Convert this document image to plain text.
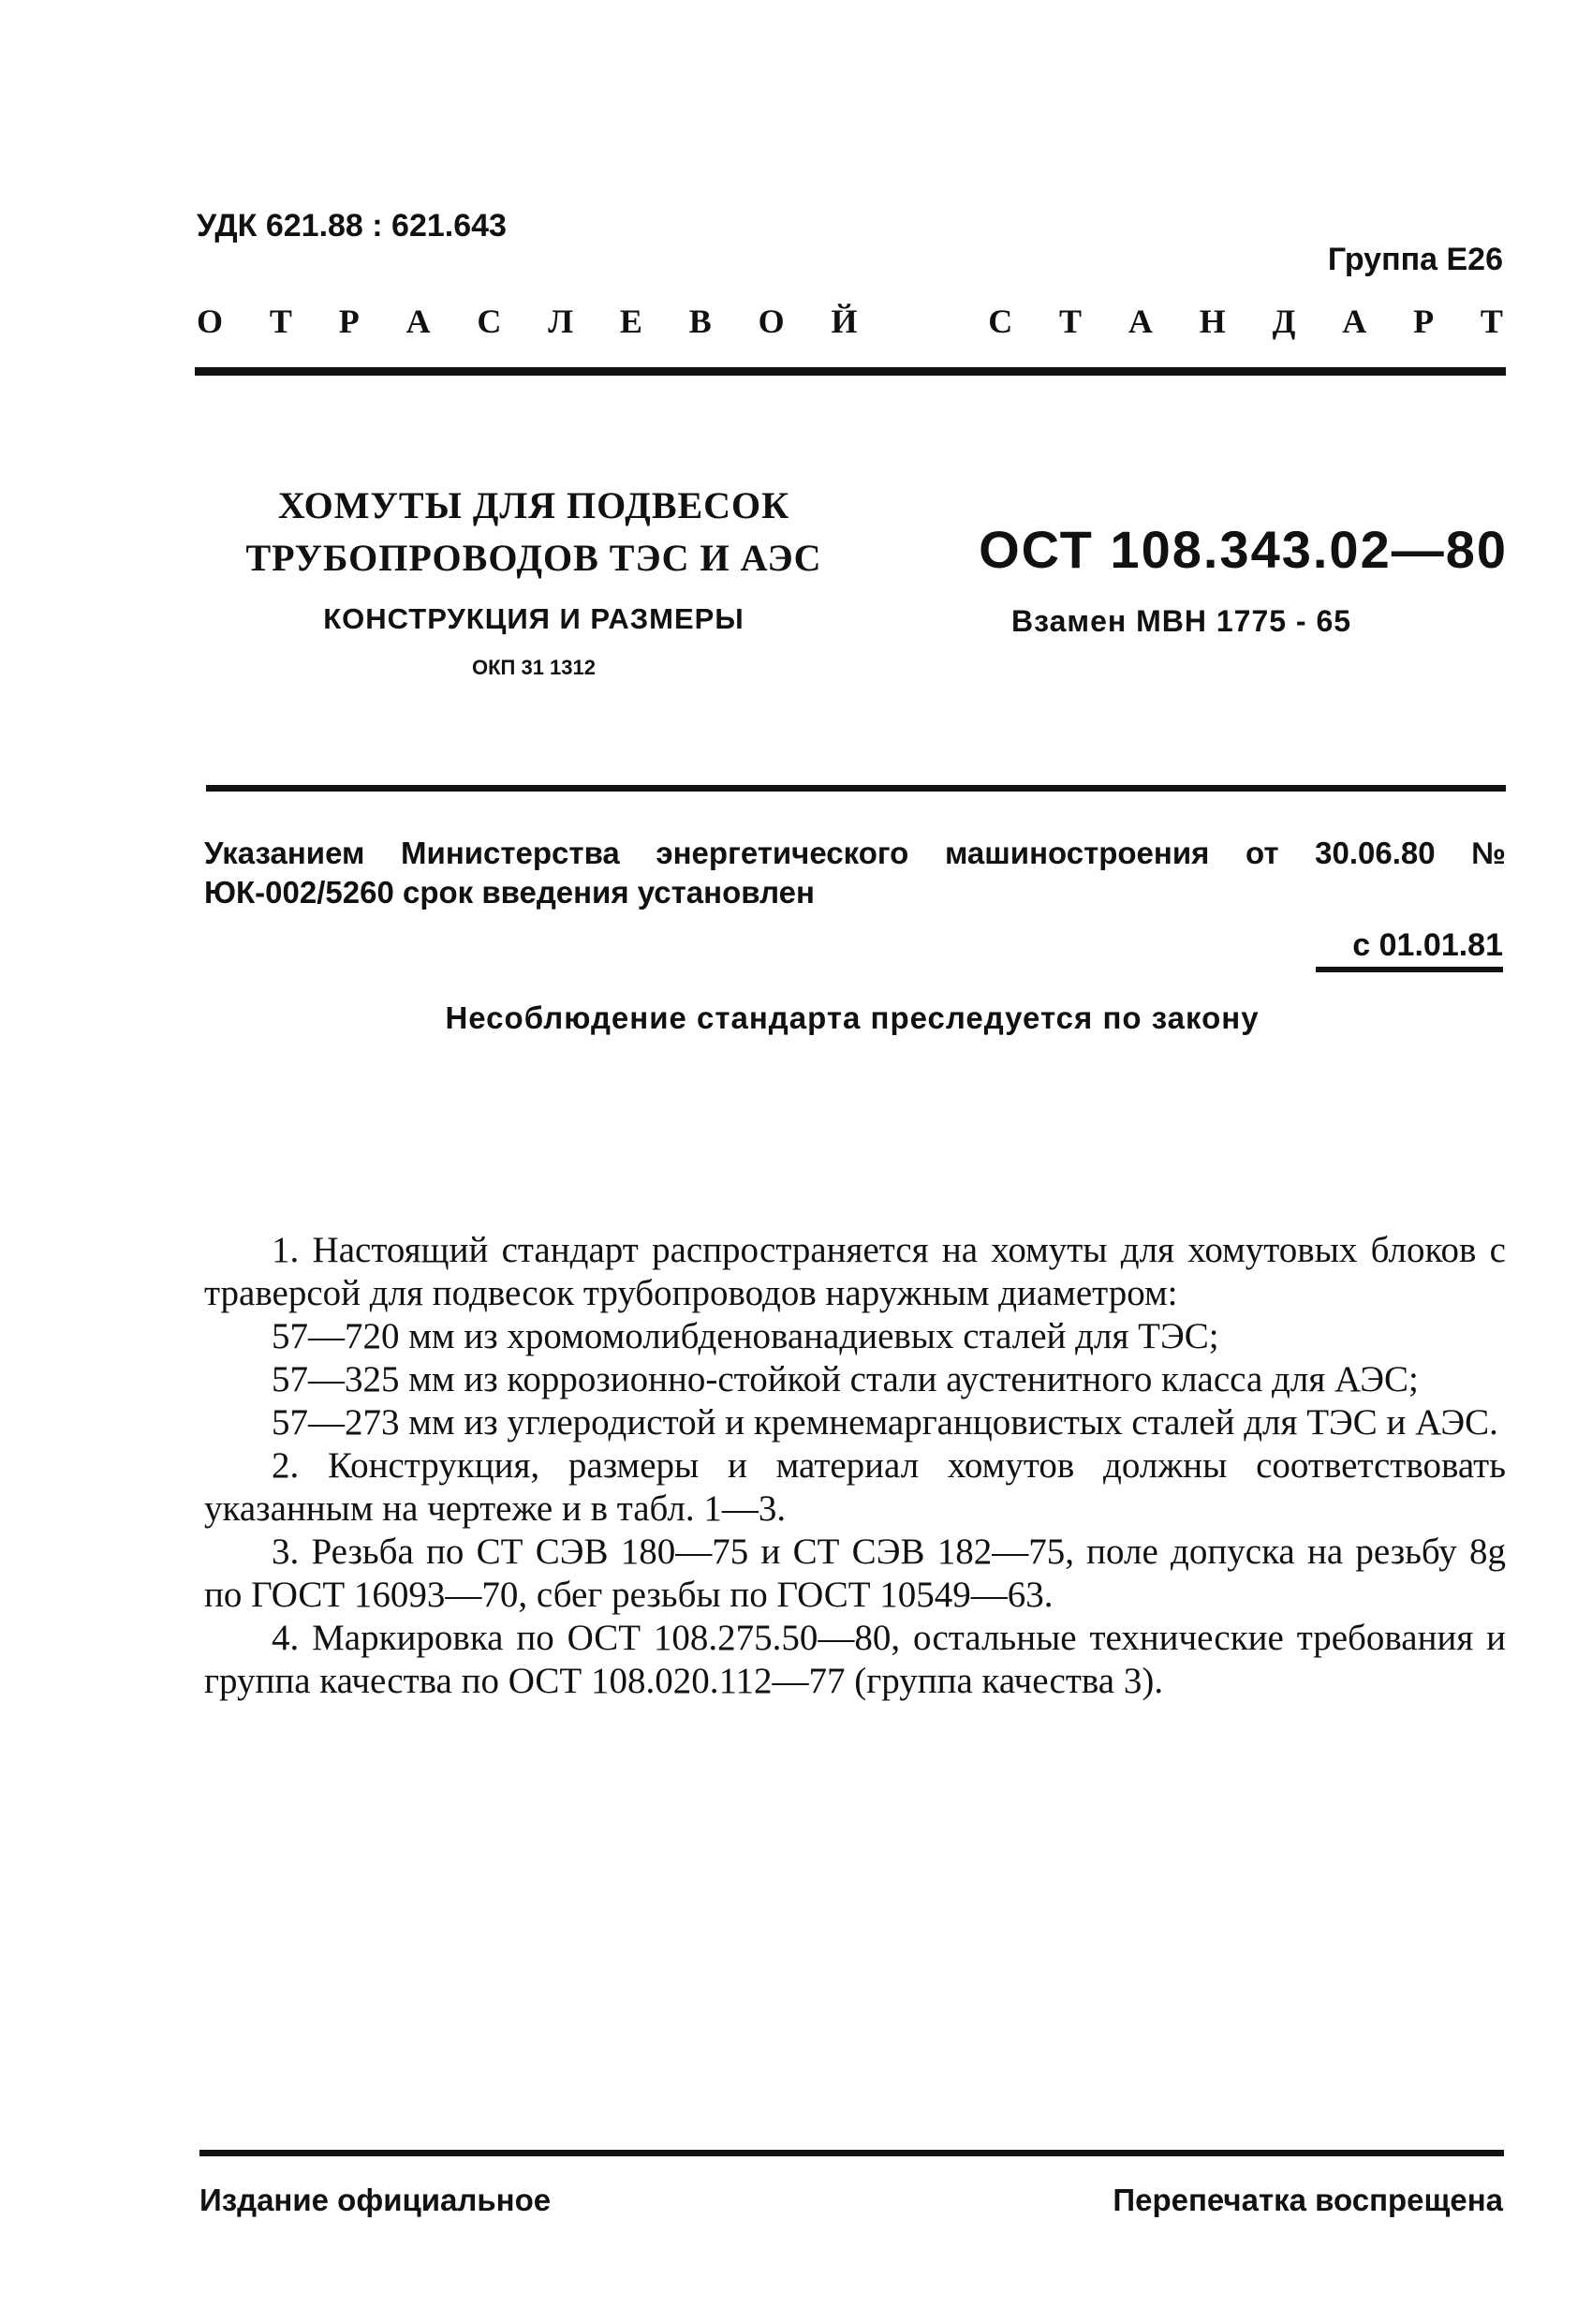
УДК 621.88 : 621.643
Группа Е26
О Т Р А С Л Е В О Й	С Т А Н Д А Р Т
ХОМУТЫ ДЛЯ ПОДВЕСОК
ТРУБОПРОВОДОВ ТЭС И АЭС
КОНСТРУКЦИЯ И РАЗМЕРЫ
ОКП 31 1312
ОСТ 108.343.02—80
Взамен МВН 1775 - 65
Указанием Министерства энергетического машиностроения от 30.06.80 № ЮК-002/5260 срок введения установлен
с 01.01.81
Несоблюдение стандарта преследуется по закону

1. Настоящий стандарт распространяется на хомуты для хомутовых блоков с траверсой для подвесок трубопроводов наружным диаметром:

57—720 мм из хромомолибденованадиевых сталей для ТЭС;

57—325 мм из коррозионно-стойкой стали аустенитного класса для АЭС;

57—273 мм из углеродистой и кремнемарганцовистых сталей для ТЭС и АЭС.

2. Конструкция, размеры и материал хомутов должны соответствовать указанным на чертеже и в табл. 1—3.

3. Резьба по СТ СЭВ 180—75 и СТ СЭВ 182—75, поле допуска на резьбу 8g по ГОСТ 16093—70, сбег резьбы по ГОСТ 10549—63.

4. Маркировка по ОСТ 108.275.50—80, остальные технические требования и группа качества по ОСТ 108.020.112—77 (группа качества 3).

Издание официальное	Перепечатка воспрещена
